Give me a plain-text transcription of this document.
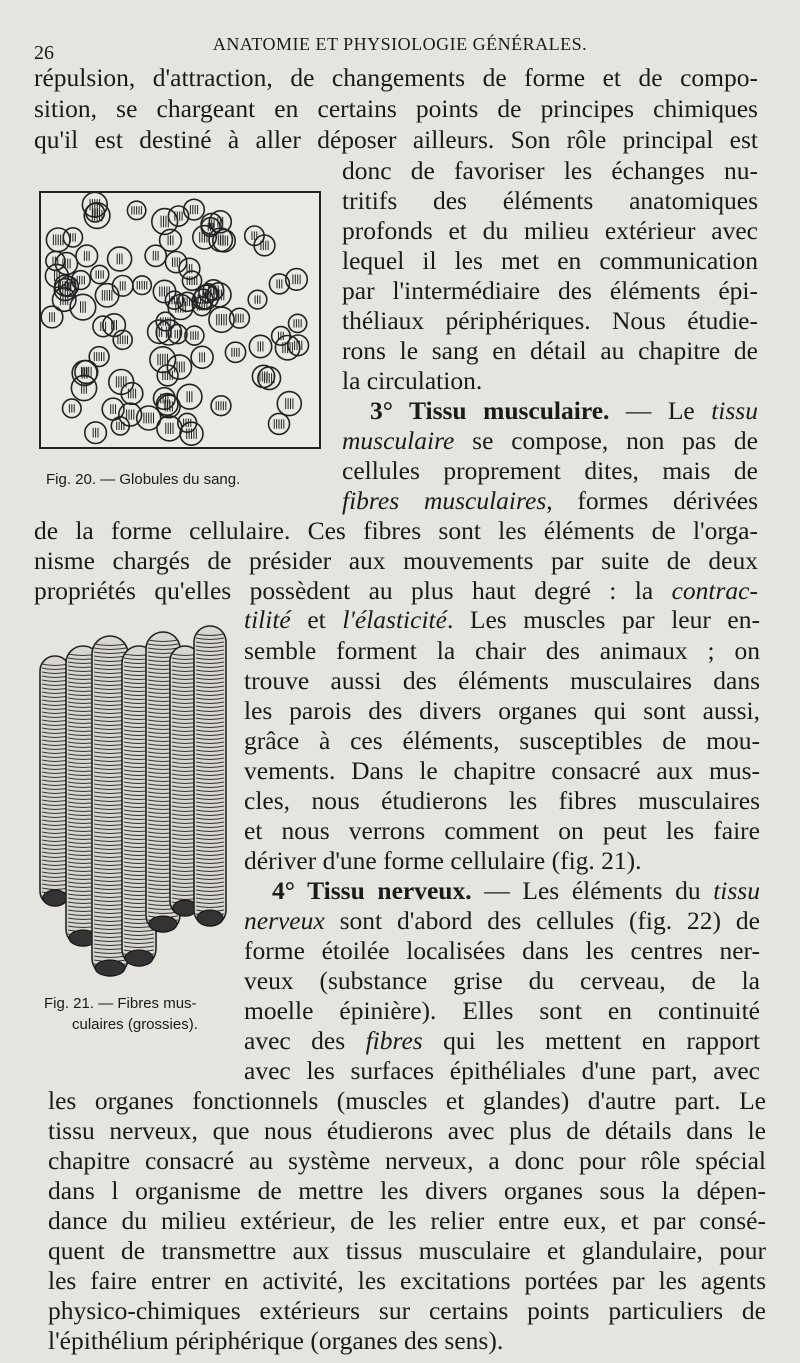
26	ANATOMIE ET PHYSIOLOGIE GÉNÉRALES.
répulsion, d'attraction, de changements de forme et de compo-
sition, se chargeant en certains points de principes chimiques
qu'il est destiné à aller déposer ailleurs. Son rôle principal est
Fig. 20. — Globules du sang.
donc de favoriser les échanges nu-
tritifs des éléments anatomiques
profonds et du milieu extérieur avec
lequel il les met en communication
par l'intermédiaire des éléments épi-
théliaux périphériques. Nous étudie-
rons le sang en détail au chapitre de
la circulation.
3° Tissu musculaire. — Le tissu
musculaire se compose, non pas de
cellules proprement dites, mais de
fibres musculaires, formes dérivées
de la forme cellulaire. Ces fibres sont les éléments de l'orga-
nisme chargés de présider aux mouvements par suite de deux
propriétés qu'elles possèdent au plus haut degré : la contrac-
Fig. 21. — Fibres mus-
culaires (grossies).
tilité et l'élasticité. Les muscles par leur en-
semble forment la chair des animaux ; on
trouve aussi des éléments musculaires dans
les parois des divers organes qui sont aussi,
grâce à ces éléments, susceptibles de mou-
vements. Dans le chapitre consacré aux mus-
cles, nous étudierons les fibres musculaires
et nous verrons comment on peut les faire
dériver d'une forme cellulaire (fig. 21).
4° Tissu nerveux. — Les éléments du tissu
nerveux sont d'abord des cellules (fig. 22) de
forme étoilée localisées dans les centres ner-
veux (substance grise du cerveau, de la
moelle épinière). Elles sont en continuité
avec des fibres qui les mettent en rapport
avec les surfaces épithéliales d'une part, avec
les organes fonctionnels (muscles et glandes) d'autre part. Le
tissu nerveux, que nous étudierons avec plus de détails dans le
chapitre consacré au système nerveux, a donc pour rôle spécial
dans l organisme de mettre les divers organes sous la dépen-
dance du milieu extérieur, de les relier entre eux, et par consé-
quent de transmettre aux tissus musculaire et glandulaire, pour
les faire entrer en activité, les excitations portées par les agents
physico-chimiques extérieurs sur certains points particuliers de
l'épithélium périphérique (organes des sens).
